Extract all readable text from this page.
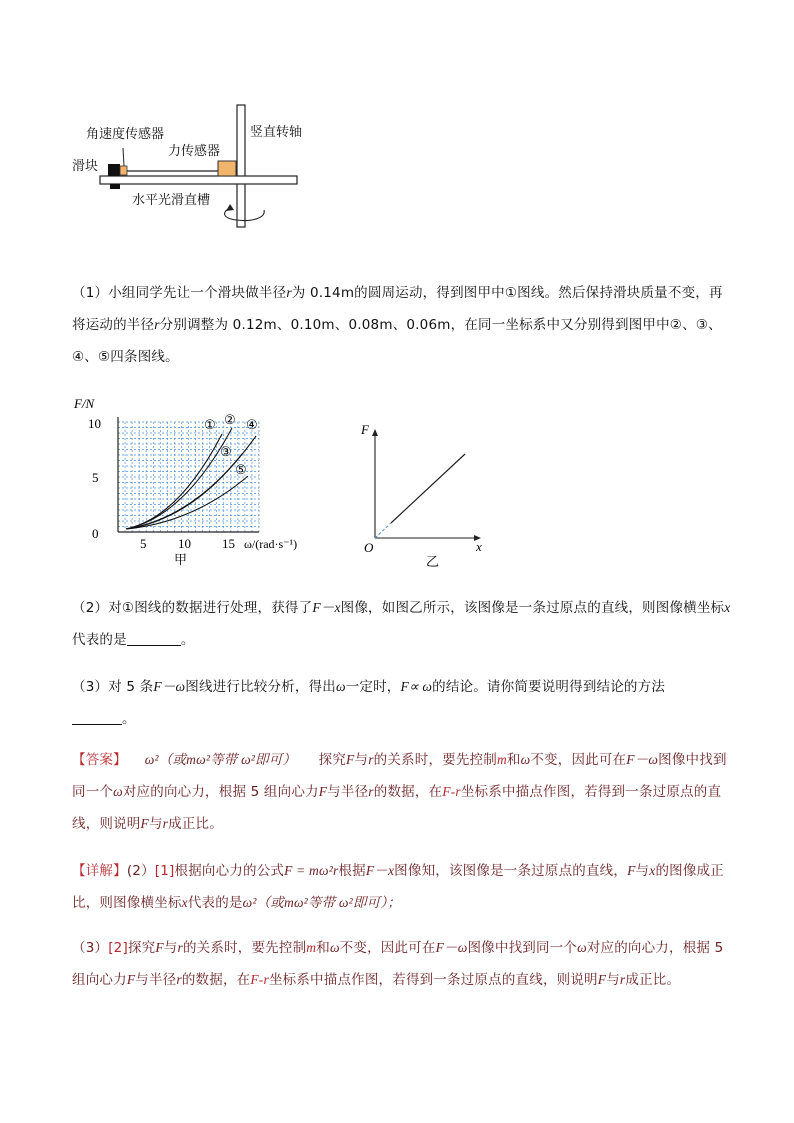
角速度传感器
力传感器
滑块
竖直转轴
水平光滑直槽
（1）小组同学先让一个滑块做半径r为 0.14m的圆周运动，得到图甲中①图线。然后保持滑块质量不变，再将运动的半径r分别调整为 0.12m、0.10m、0.08m、0.06m，在同一坐标系中又分别得到图甲中②、③、④、⑤四条图线。
F/N
10
5
0
5 10 15 ω/(rad·s⁻¹)
甲
① ②
③
④
⑤
F
O	x
乙
（2）对①图线的数据进行处理，获得了F－x图像，如图乙所示，该图像是一条过原点的直线，则图像横坐标x代表的是	。
（3）对 5 条F－ω图线进行比较分析，得出ω一定时，F∝ ω的结论。请你简要说明得到结论的方法
。
【答案】 ω²（或mω²等带 ω²即可） 探究F与r的关系时，要先控制m和ω不变，因此可在F－ω图像中找到同一个ω对应的向心力，根据 5 组向心力F与半径r的数据，在F-r坐标系中描点作图，若得到一条过原点的直线，则说明F与r成正比。
【详解】(2）[1]根据向心力的公式F = mω²r根据F－x图像知，该图像是一条过原点的直线，F与x的图像成正比，则图像横坐标x代表的是ω²（或mω²等带 ω²即可）；
（3）[2]探究F与r的关系时，要先控制m和ω不变，因此可在F－ω图像中找到同一个ω对应的向心力，根据 5 组向心力F与半径r的数据，在F-r坐标系中描点作图，若得到一条过原点的直线，则说明F与r成正比。
